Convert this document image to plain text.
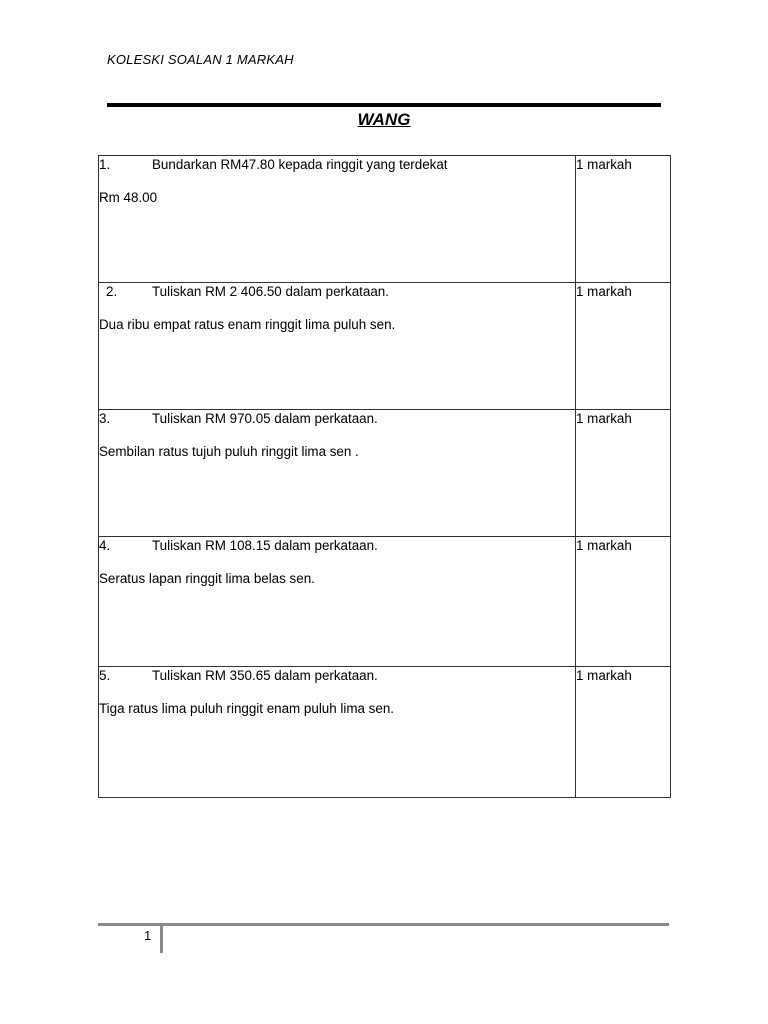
KOLESKI SOALAN 1 MARKAH
WANG
1. Bundarkan RM47.80 kepada ringgit yang terdekat
Rm 48.00	1 markah

2. Tuliskan RM 2 406.50 dalam perkataan.
Dua ribu empat ratus enam ringgit lima puluh sen.	1 markah

3. Tuliskan RM 970.05 dalam perkataan.
Sembilan ratus tujuh puluh ringgit lima sen .	1 markah

4. Tuliskan RM 108.15 dalam perkataan.
Seratus lapan ringgit lima belas sen.	1 markah

5. Tuliskan RM 350.65 dalam perkataan.
Tiga ratus lima puluh ringgit enam puluh lima sen.	1 markah
1
